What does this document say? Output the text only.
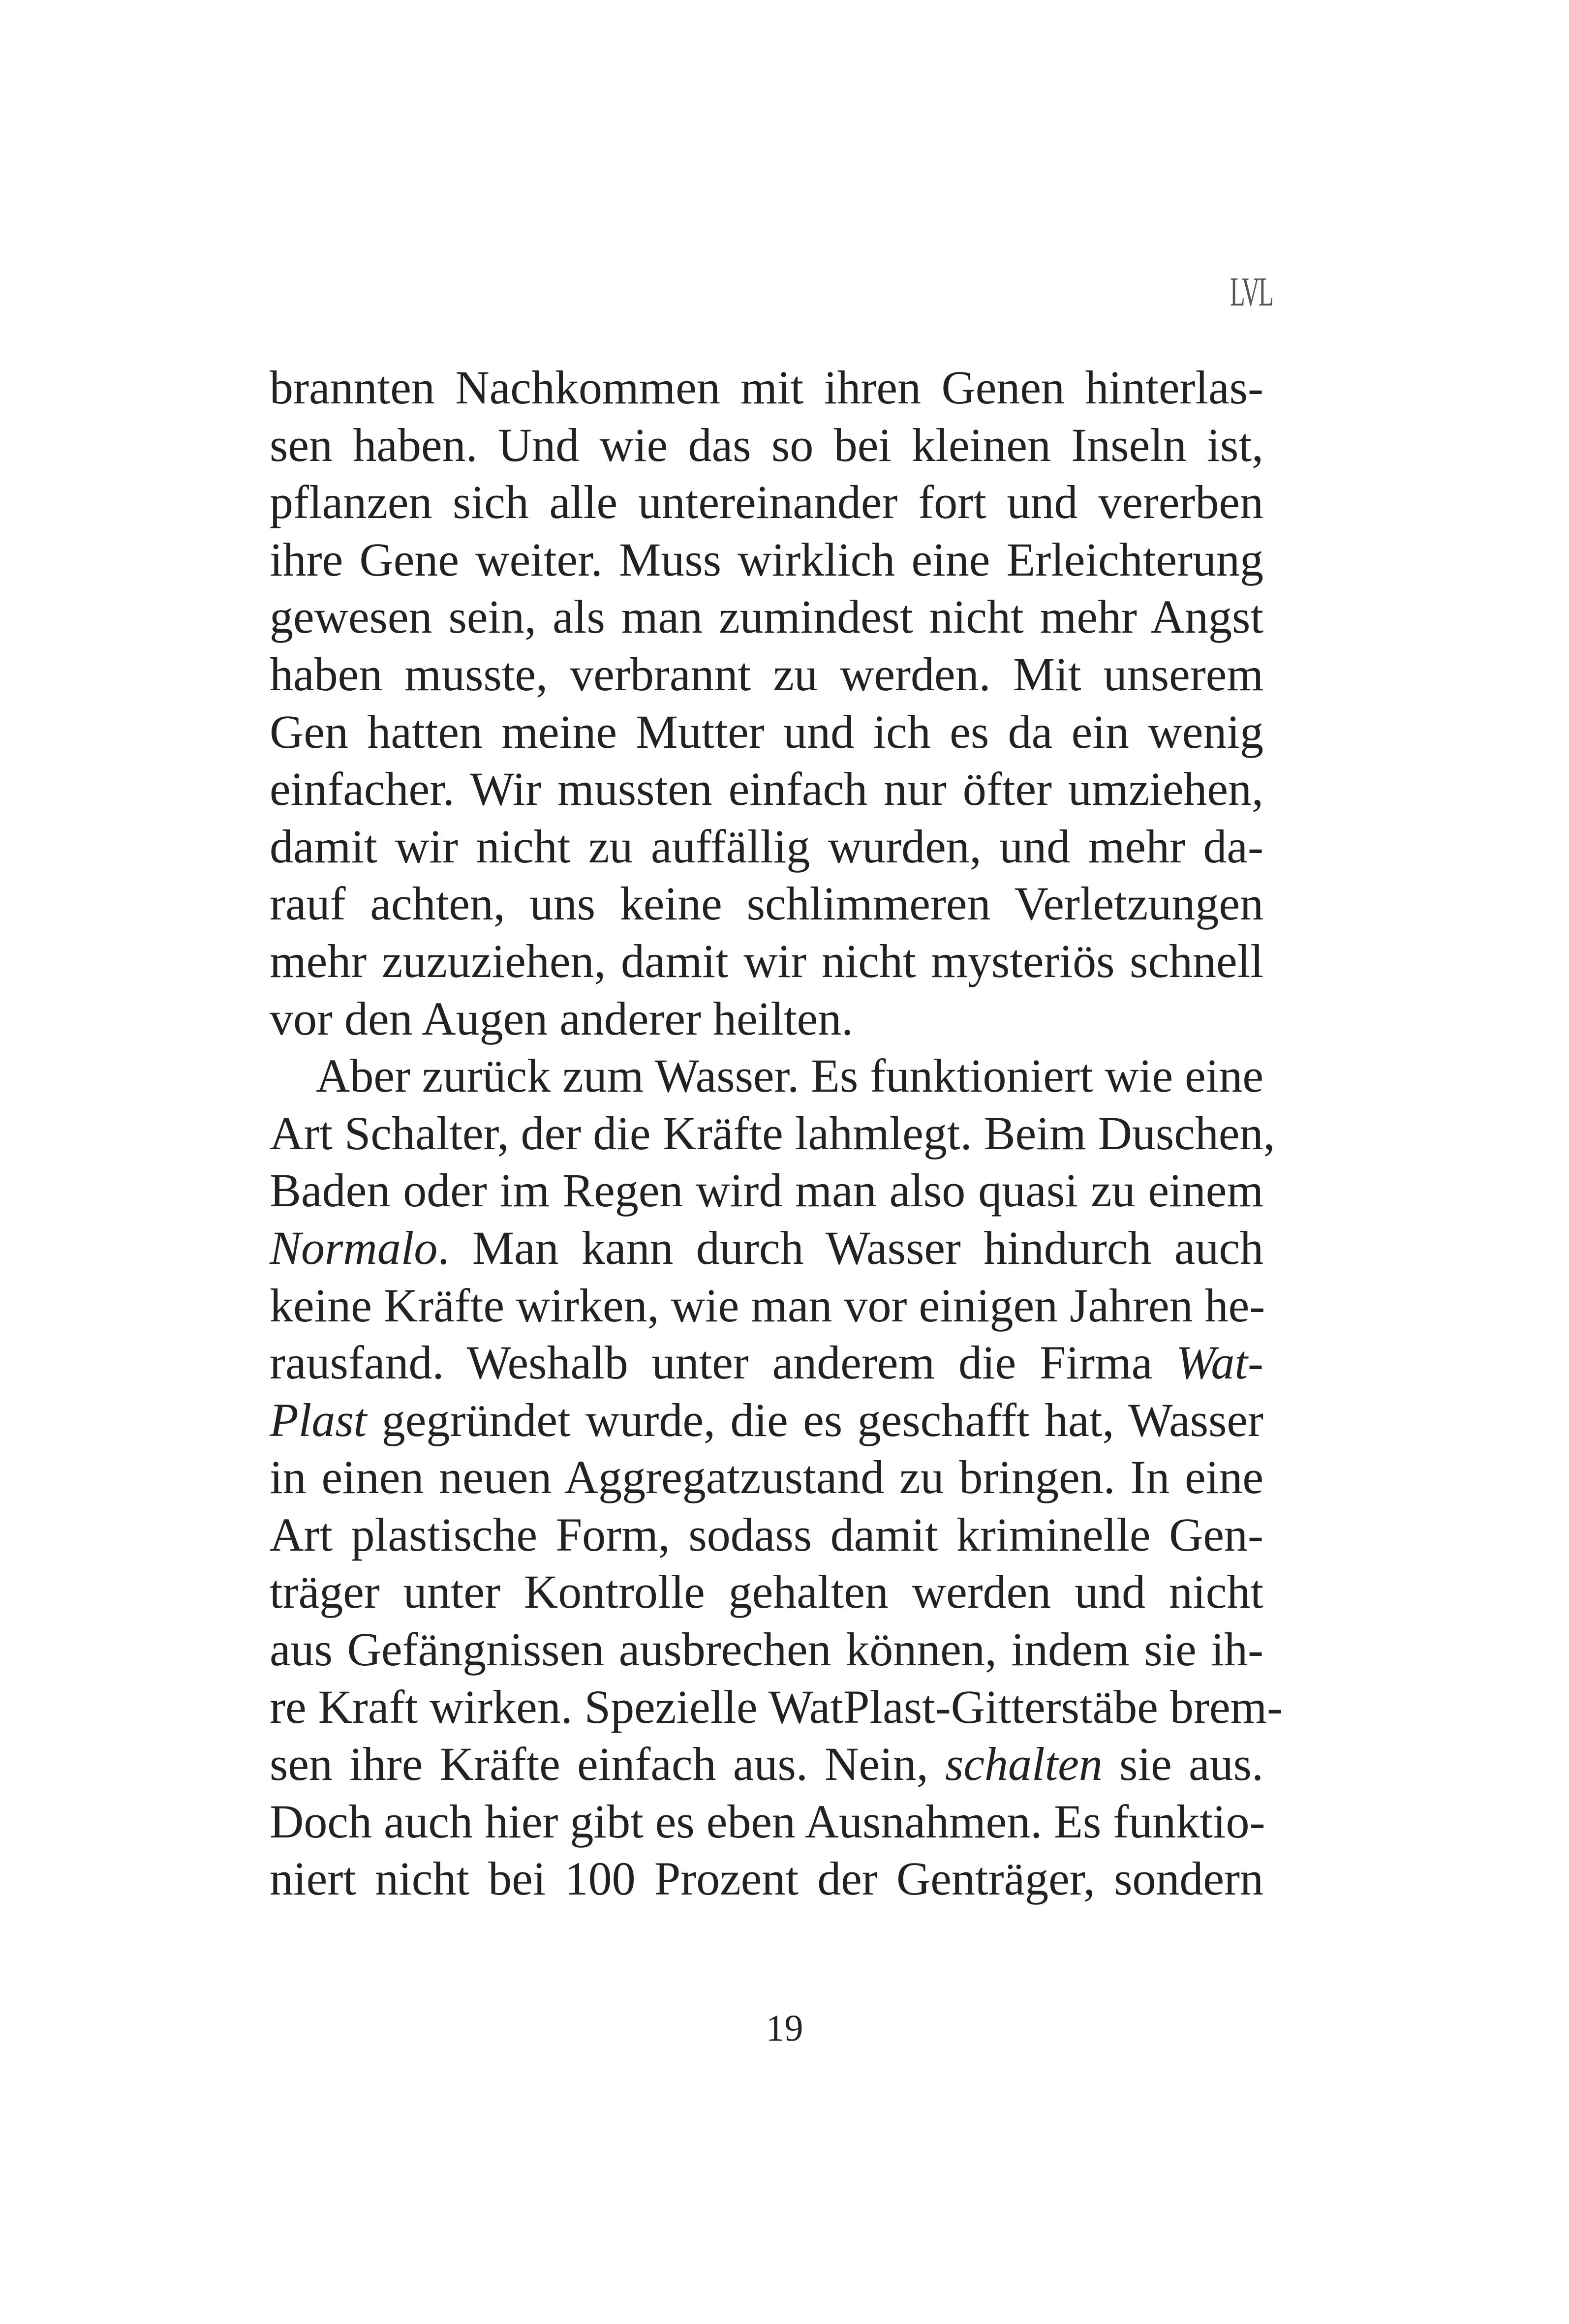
LVL
brannten Nachkommen mit ihren Genen hinterlas-
sen haben. Und wie das so bei kleinen Inseln ist,
pflanzen sich alle untereinander fort und vererben
ihre Gene weiter. Muss wirklich eine Erleichterung
gewesen sein, als man zumindest nicht mehr Angst
haben musste, verbrannt zu werden. Mit unserem
Gen hatten meine Mutter und ich es da ein wenig
einfacher. Wir mussten einfach nur öfter umziehen,
damit wir nicht zu auffällig wurden, und mehr da-
rauf achten, uns keine schlimmeren Verletzungen
mehr zuzuziehen, damit wir nicht mysteriös schnell
vor den Augen anderer heilten.
Aber zurück zum Wasser. Es funktioniert wie eine
Art Schalter, der die Kräfte lahmlegt. Beim Duschen,
Baden oder im Regen wird man also quasi zu einem
Normalo. Man kann durch Wasser hindurch auch
keine Kräfte wirken, wie man vor einigen Jahren he-
rausfand. Weshalb unter anderem die Firma Wat-
Plast gegründet wurde, die es geschafft hat, Wasser
in einen neuen Aggregatzustand zu bringen. In eine
Art plastische Form, sodass damit kriminelle Gen-
träger unter Kontrolle gehalten werden und nicht
aus Gefängnissen ausbrechen können, indem sie ih-
re Kraft wirken. Spezielle WatPlast-Gitterstäbe brem-
sen ihre Kräfte einfach aus. Nein, schalten sie aus.
Doch auch hier gibt es eben Ausnahmen. Es funktio-
niert nicht bei 100 Prozent der Genträger, sondern
19
